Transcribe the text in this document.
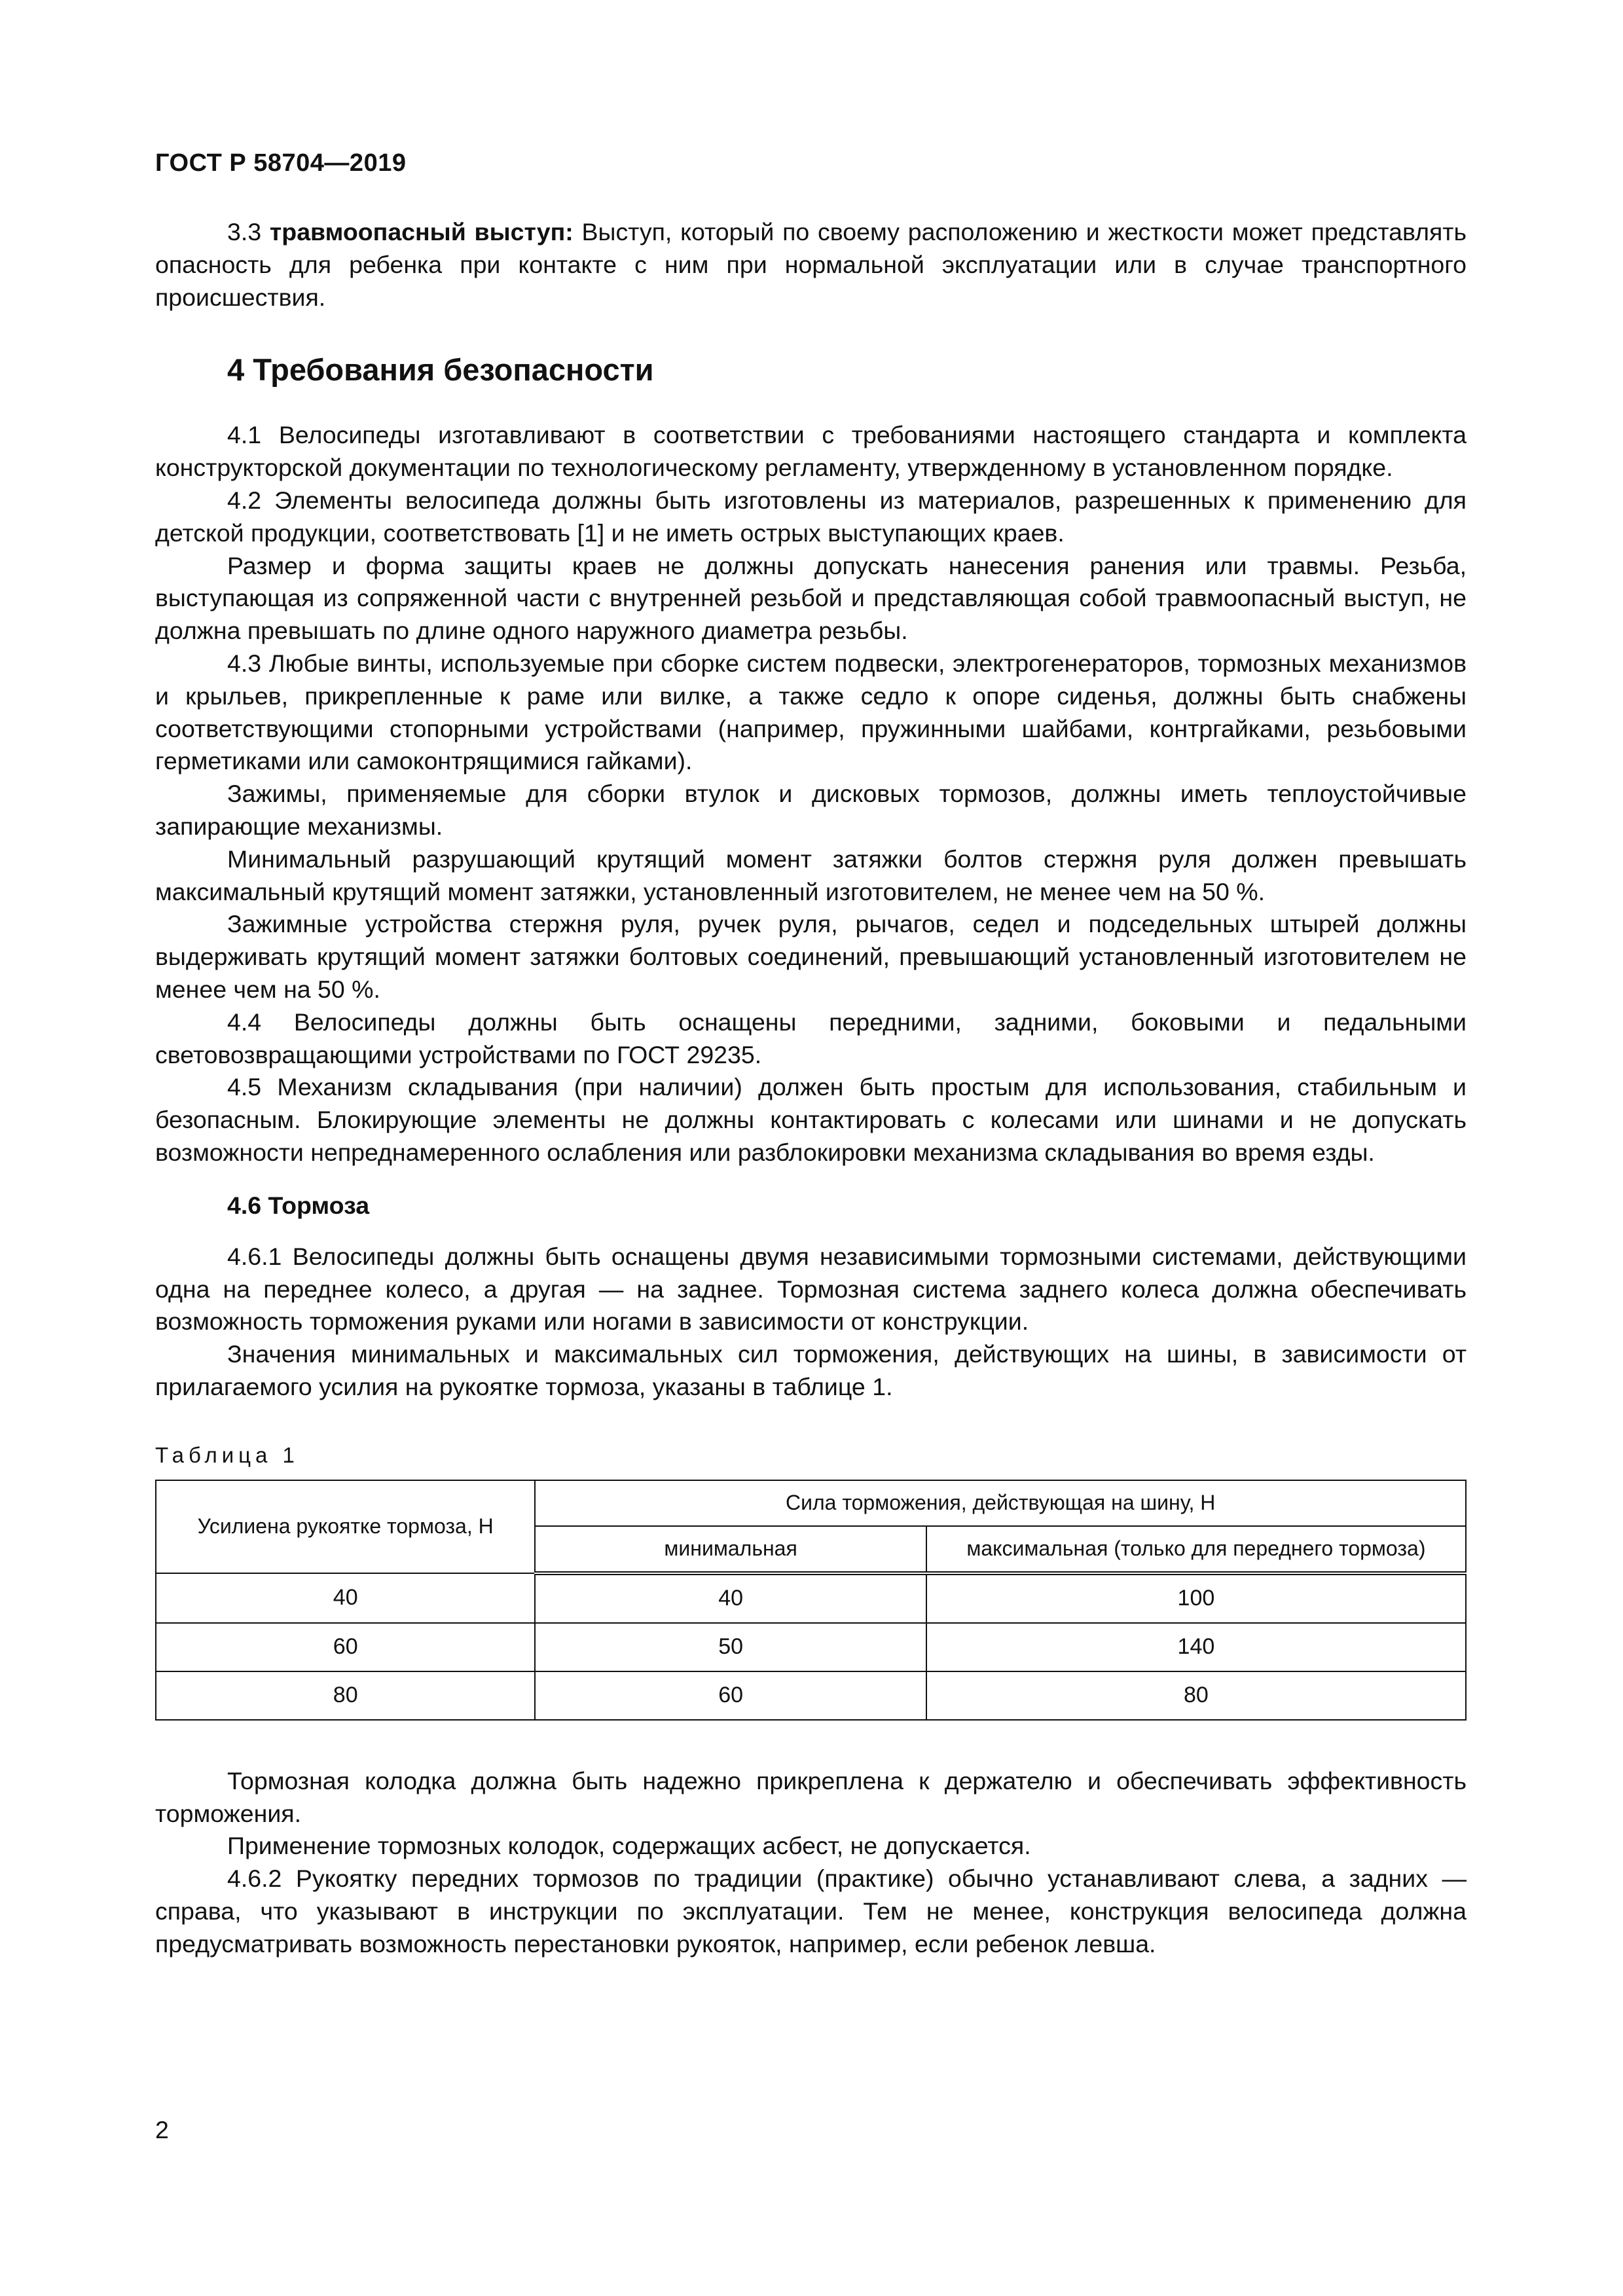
ГОСТ Р 58704—2019

3.3 травмоопасный выступ: Выступ, который по своему расположению и жесткости может представлять опасность для ребенка при контакте с ним при нормальной эксплуатации или в случае транспортного происшествия.

4 Требования безопасности

4.1 Велосипеды изготавливают в соответствии с требованиями настоящего стандарта и комплекта конструкторской документации по технологическому регламенту, утвержденному в установленном порядке.

4.2 Элементы велосипеда должны быть изготовлены из материалов, разрешенных к применению для детской продукции, соответствовать [1] и не иметь острых выступающих краев.

Размер и форма защиты краев не должны допускать нанесения ранения или травмы. Резьба, выступающая из сопряженной части с внутренней резьбой и представляющая собой травмоопасный выступ, не должна превышать по длине одного наружного диаметра резьбы.

4.3 Любые винты, используемые при сборке систем подвески, электрогенераторов, тормозных механизмов и крыльев, прикрепленные к раме или вилке, а также седло к опоре сиденья, должны быть снабжены соответствующими стопорными устройствами (например, пружинными шайбами, контргайками, резьбовыми герметиками или самоконтрящимися гайками).

Зажимы, применяемые для сборки втулок и дисковых тормозов, должны иметь теплоустойчивые запирающие механизмы.

Минимальный разрушающий крутящий момент затяжки болтов стержня руля должен превышать максимальный крутящий момент затяжки, установленный изготовителем, не менее чем на 50 %.

Зажимные устройства стержня руля, ручек руля, рычагов, седел и подседельных штырей должны выдерживать крутящий момент затяжки болтовых соединений, превышающий установленный изготовителем не менее чем на 50 %.

4.4 Велосипеды должны быть оснащены передними, задними, боковыми и педальными световозвращающими устройствами по ГОСТ 29235.

4.5 Механизм складывания (при наличии) должен быть простым для использования, стабильным и безопасным. Блокирующие элементы не должны контактировать с колесами или шинами и не допускать возможности непреднамеренного ослабления или разблокировки механизма складывания во время езды.

4.6 Тормоза

4.6.1 Велосипеды должны быть оснащены двумя независимыми тормозными системами, действующими одна на переднее колесо, а другая — на заднее. Тормозная система заднего колеса должна обеспечивать возможность торможения руками или ногами в зависимости от конструкции.

Значения минимальных и максимальных сил торможения, действующих на шины, в зависимости от прилагаемого усилия на рукоятке тормоза, указаны в таблице 1.

Таблица 1
Усилиена рукоятке тормоза, Н	Сила торможения, действующая на шину, Н	
	минимальная	максимальная (только для переднего тормоза)
40	40	100
60	50	140
80	60	80

Тормозная колодка должна быть надежно прикреплена к держателю и обеспечивать эффективность торможения.

Применение тормозных колодок, содержащих асбест, не допускается.

4.6.2 Рукоятку передних тормозов по традиции (практике) обычно устанавливают слева, а задних — справа, что указывают в инструкции по эксплуатации. Тем не менее, конструкция велосипеда должна предусматривать возможность перестановки рукояток, например, если ребенок левша.

2
